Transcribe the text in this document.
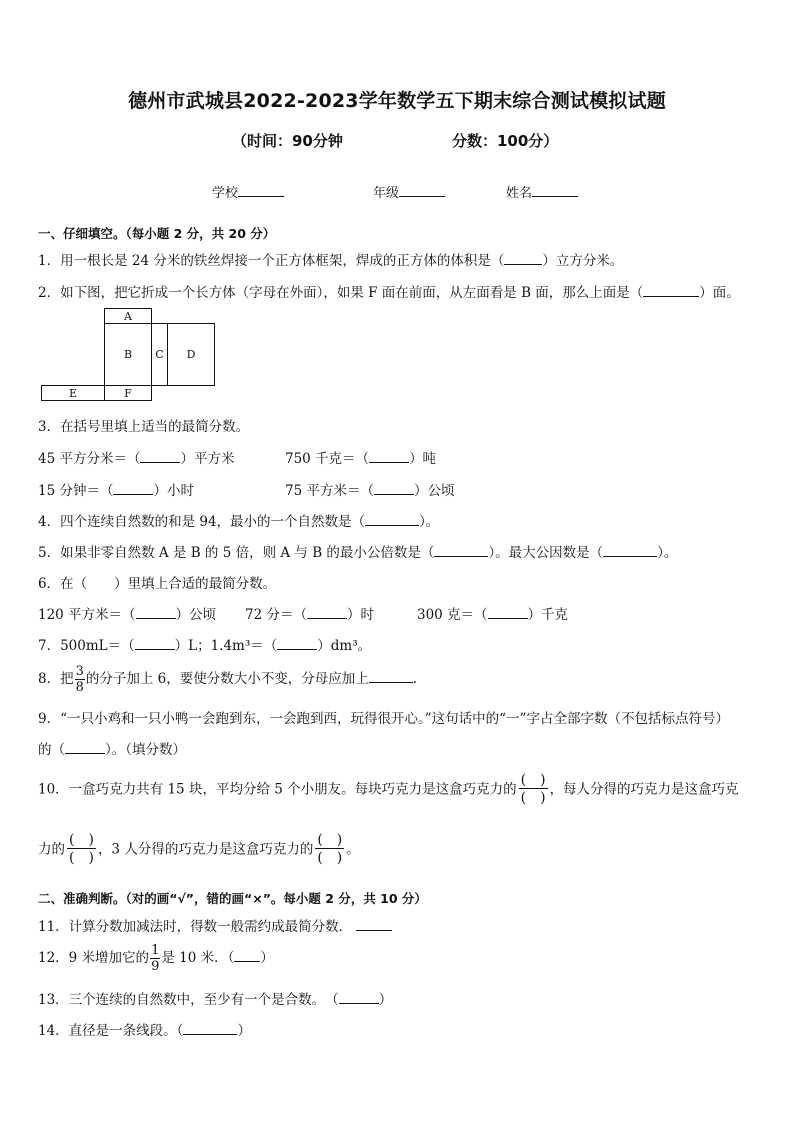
德州市武城县2022-2023学年数学五下期末综合测试模拟试题
（时间：90分钟	分数：100分）
学校	年级	姓名
一、仔细填空。（每小题 2 分，共 20 分）
1．用一根长是 24 分米的铁丝焊接一个正方体框架，焊成的正方体的体积是（	）立方分米。
2．如下图，把它折成一个长方体（字母在外面），如果 F 面在前面，从左面看是 B 面，那么上面是（	）面。
A
B	C	D
E	F
3．在括号里填上适当的最简分数。
45 平方分米＝（	）平方米	750 千克＝（	）吨
15 分钟＝（	）小时	75 平方米＝（	）公顷
4．四个连续自然数的和是 94，最小的一个自然数是（	）。
5．如果非零自然数 A 是 B 的 5 倍，则 A 与 B 的最小公倍数是（	）。最大公因数是（	）。
6．在（　　）里填上合适的最简分数。
120 平方米＝（	）公顷 72 分＝（	）时	300 克＝（	）千克
7．500mL＝（	）L；1.4m³＝（	）dm³。
8．把 $\frac{3}{8}$ 的分子加上 6，要使分数大小不变，分母应加上	.
9．“一只小鸡和一只小鸭一会跑到东，一会跑到西，玩得很开心。”这句话中的“一”字占全部字数（不包括标点符号）
的（	）。（填分数）
10．一盒巧克力共有 15 块，平均分给 5 个小朋友。每块巧克力是这盒巧克力的
(　)
(　)
，每人分得的巧克力是这盒巧克
力的
(　)
(　)
，3 人分得的巧克力是这盒巧克力的
(　)
(　)
。
二、准确判断。（对的画“√”，错的画“×”。每小题 2 分，共 10 分）
11．计算分数加减法时，得数一般需约成最简分数．
12．9 米增加它的 $\frac{1}{9}$ 是 10 米．（ ）
13．三个连续的自然数中，至少有一个是合数。　（	）
14．直径是一条线段。（	）
